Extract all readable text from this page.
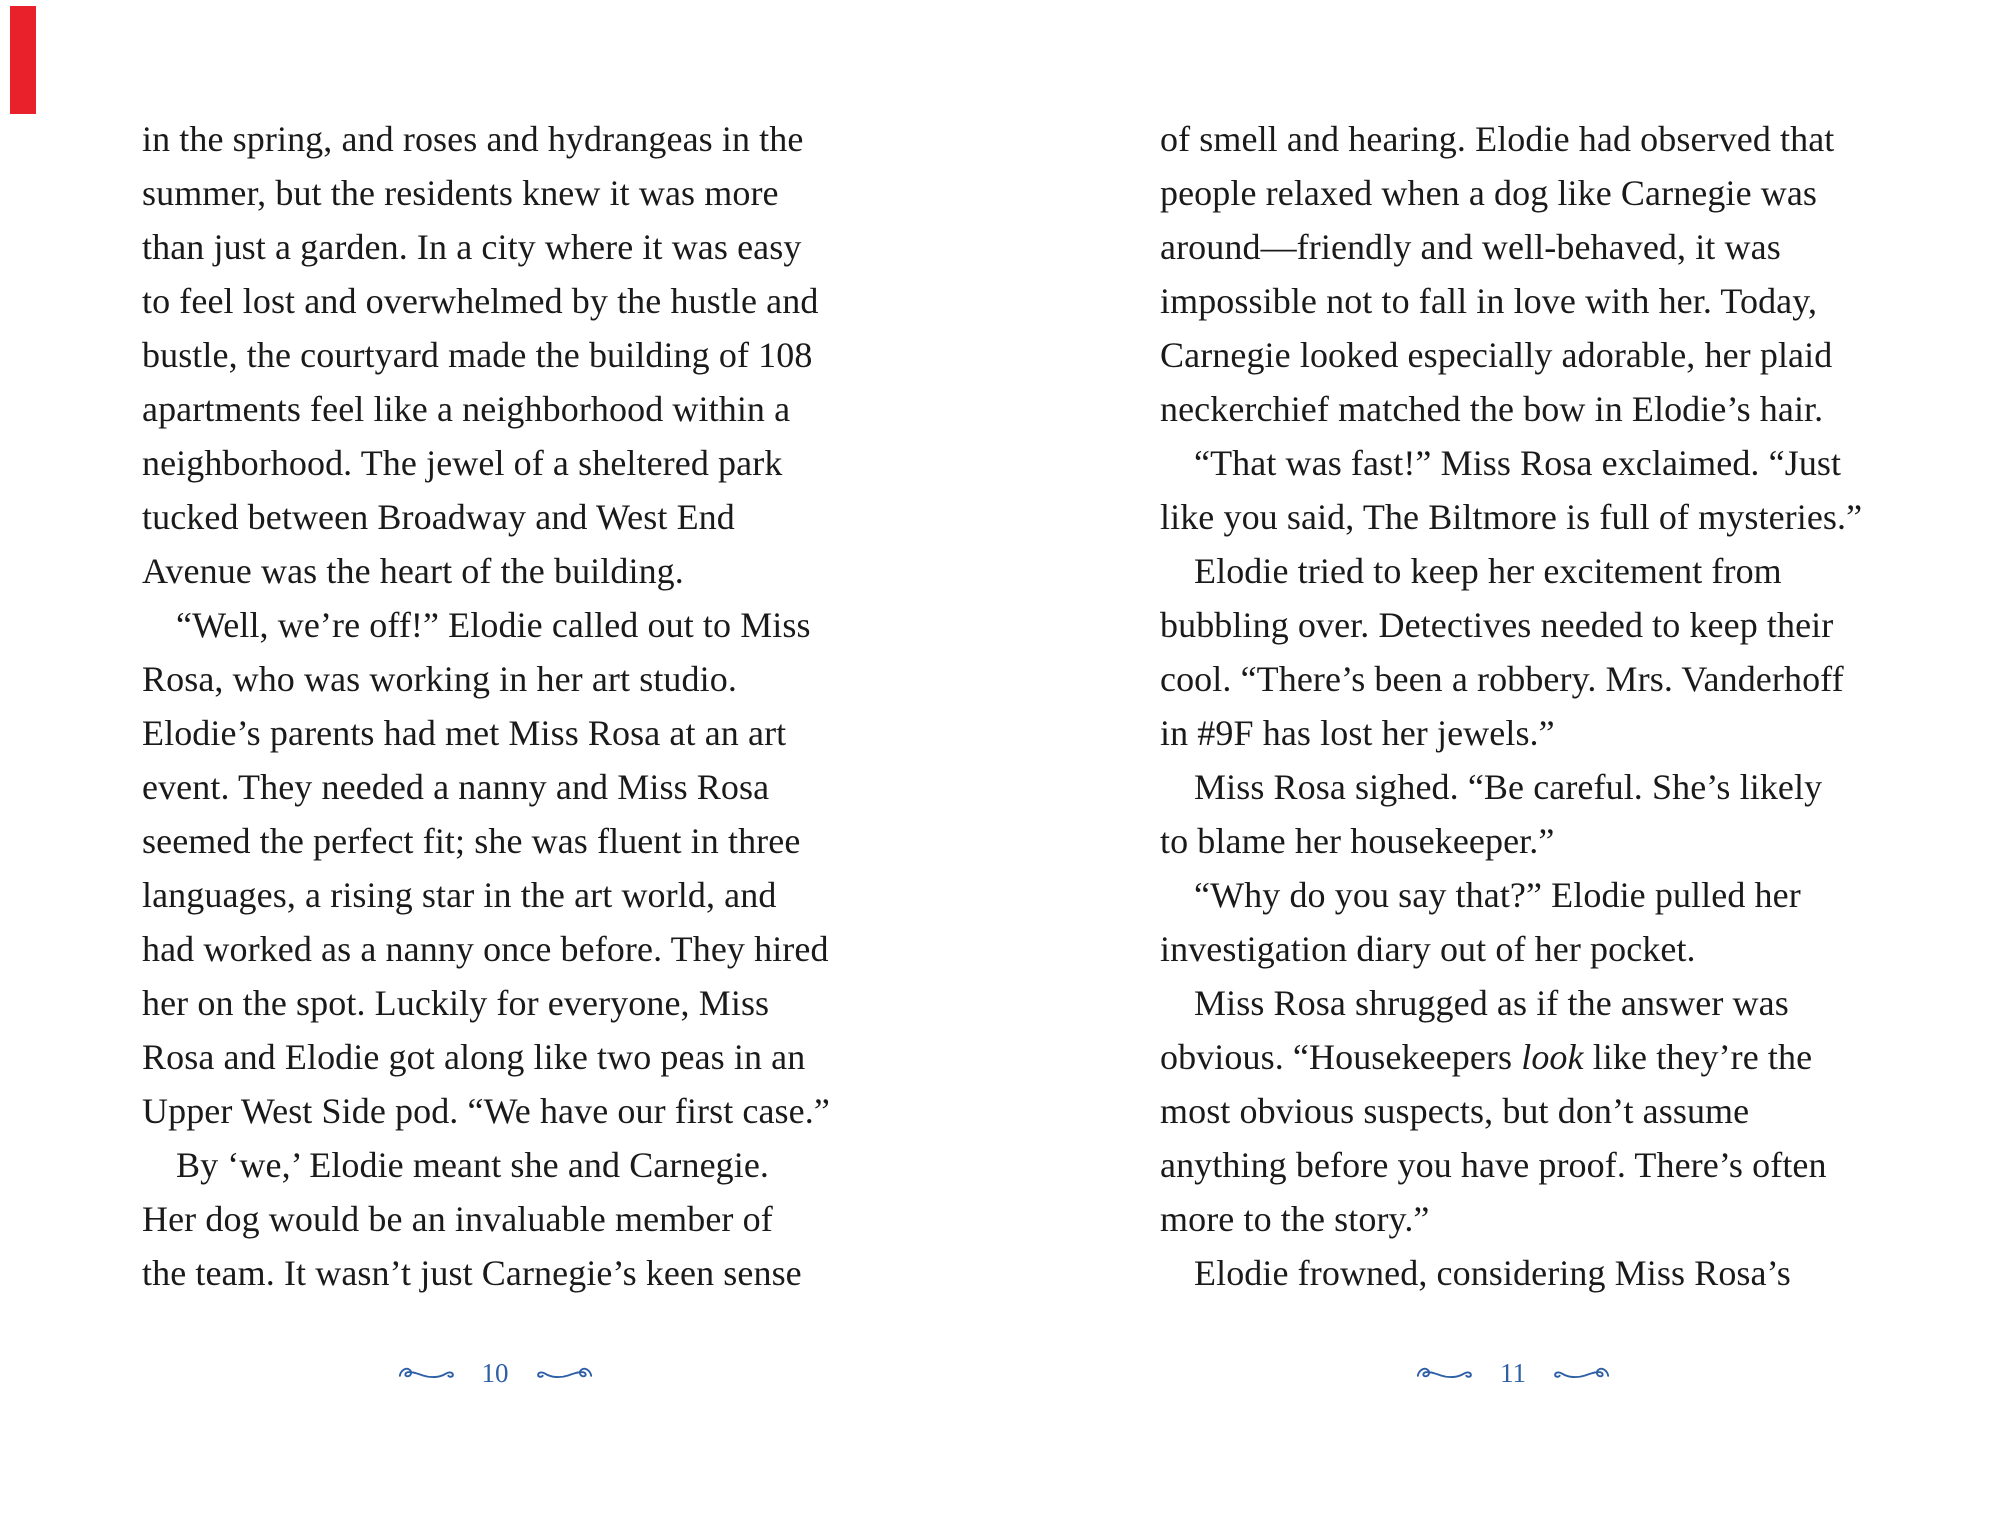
in the spring, and roses and hydrangeas in the
summer, but the residents knew it was more
than just a garden. In a city where it was easy
to feel lost and overwhelmed by the hustle and
bustle, the courtyard made the building of 108
apartments feel like a neighborhood within a
neighborhood. The jewel of a sheltered park
tucked between Broadway and West End
Avenue was the heart of the building.
“Well, we’re off!” Elodie called out to Miss
Rosa, who was working in her art studio.
Elodie’s parents had met Miss Rosa at an art
event. They needed a nanny and Miss Rosa
seemed the perfect fit; she was fluent in three
languages, a rising star in the art world, and
had worked as a nanny once before. They hired
her on the spot. Luckily for everyone, Miss
Rosa and Elodie got along like two peas in an
Upper West Side pod. “We have our first case.”
By ‘we,’ Elodie meant she and Carnegie.
Her dog would be an invaluable member of
the team. It wasn’t just Carnegie’s keen sense
of smell and hearing. Elodie had observed that
people relaxed when a dog like Carnegie was
around—friendly and well-behaved, it was
impossible not to fall in love with her. Today,
Carnegie looked especially adorable, her plaid
neckerchief matched the bow in Elodie’s hair.
“That was fast!” Miss Rosa exclaimed. “Just
like you said, The Biltmore is full of mysteries.”
Elodie tried to keep her excitement from
bubbling over. Detectives needed to keep their
cool. “There’s been a robbery. Mrs. Vanderhoff
in #9F has lost her jewels.”
Miss Rosa sighed. “Be careful. She’s likely
to blame her housekeeper.”
“Why do you say that?” Elodie pulled her
investigation diary out of her pocket.
Miss Rosa shrugged as if the answer was
obvious. “Housekeepers look like they’re the
most obvious suspects, but don’t assume
anything before you have proof. There’s often
more to the story.”
Elodie frowned, considering Miss Rosa’s
10	11
